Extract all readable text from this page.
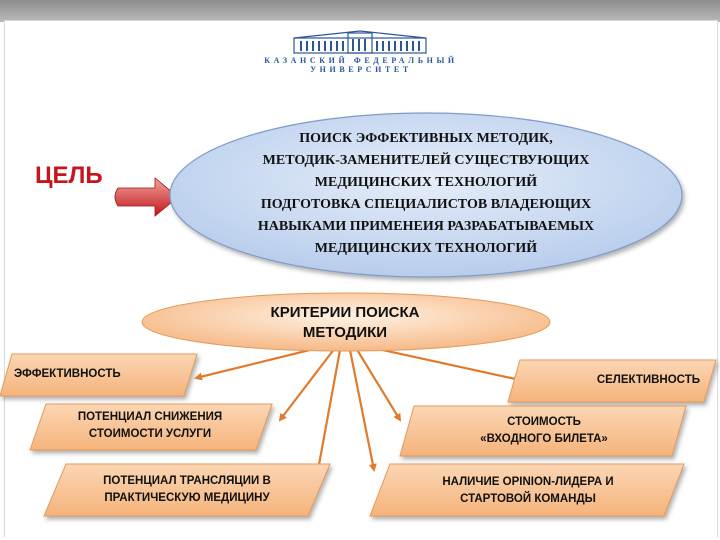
КАЗАНСКИЙ ФЕДЕРАЛЬНЫЙ УНИВЕРСИТЕТ
ЦЕЛЬ
ПОИСК ЭФФЕКТИВНЫХ МЕТОДИК,
МЕТОДИК-ЗАМЕНИТЕЛЕЙ СУЩЕСТВУЮЩИХ
МЕДИЦИНСКИХ ТЕХНОЛОГИЙ
ПОДГОТОВКА СПЕЦИАЛИСТОВ ВЛАДЕЮЩИХ
НАВЫКАМИ ПРИМЕНЕИЯ РАЗРАБАТЫВАЕМЫХ
МЕДИЦИНСКИХ ТЕХНОЛОГИЙ
КРИТЕРИИ ПОИСКА
МЕТОДИКИ
ЭФФЕКТИВНОСТЬ
ПОТЕНЦИАЛ СНИЖЕНИЯ
СТОИМОСТИ УСЛУГИ
ПОТЕНЦИАЛ ТРАНСЛЯЦИИ В
ПРАКТИЧЕСКУЮ МЕДИЦИНУ
СЕЛЕКТИВНОСТЬ
СТОИМОСТЬ
«ВХОДНОГО БИЛЕТА»
НАЛИЧИЕ OPINION-ЛИДЕРА И
СТАРТОВОЙ КОМАНДЫ
